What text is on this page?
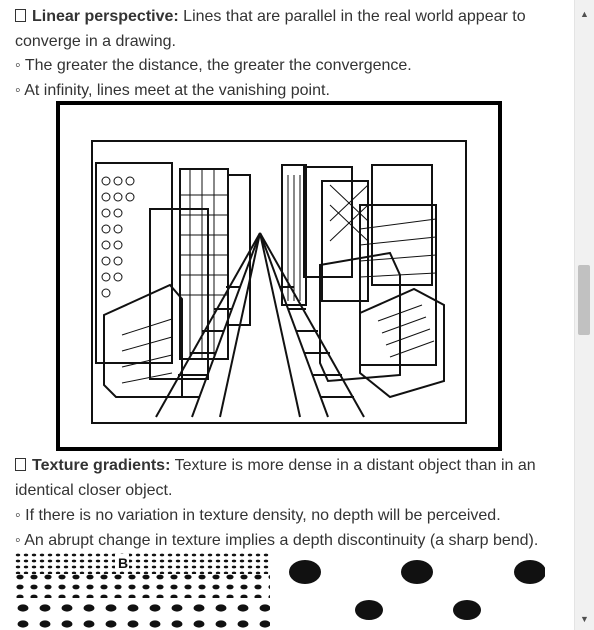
Linear perspective: Lines that are parallel in the real world appear to
converge in a drawing.
◦ The greater the distance, the greater the convergence.
◦ At infinity, lines meet at the vanishing point.
Texture gradients: Texture is more dense in a distant object than in an
identical closer object.
◦ If there is no variation in texture density, no depth will be perceived.
◦ An abrupt change in texture implies a depth discontinuity (a sharp bend).
B
▲
▼
